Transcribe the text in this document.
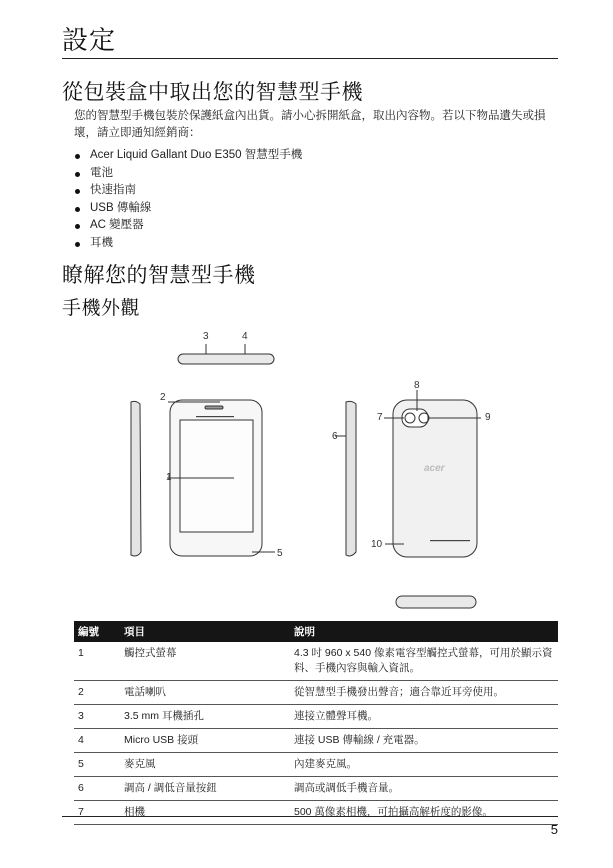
設定
從包裝盒中取出您的智慧型手機
您的智慧型手機包裝於保護紙盒內出貨。請小心拆開紙盒，取出內容物。若以下物品遺失或損壞，請立即通知經銷商：
Acer Liquid Gallant Duo E350 智慧型手機
電池
快速指南
USB 傳輸線
AC 變壓器
耳機
瞭解您的智慧型手機
手機外觀
acer
1
2
3	4
5
6
7
8
9
10
編號	項目	說明
1	觸控式螢幕	4.3 吋 960 x 540 像素電容型觸控式螢幕，可用於顯示資 料、手機內容與輸入資訊。
2	電話喇叭	從智慧型手機發出聲音；適合靠近耳旁使用。
3	3.5 mm 耳機插孔	連接立體聲耳機。
4	Micro USB 接頭	連接 USB 傳輸線 / 充電器。
5	麥克風	內建麥克風。
6	調高 / 調低音量按鈕	調高或調低手機音量。
7	相機	500 萬像素相機，可拍攝高解析度的影像。
5
